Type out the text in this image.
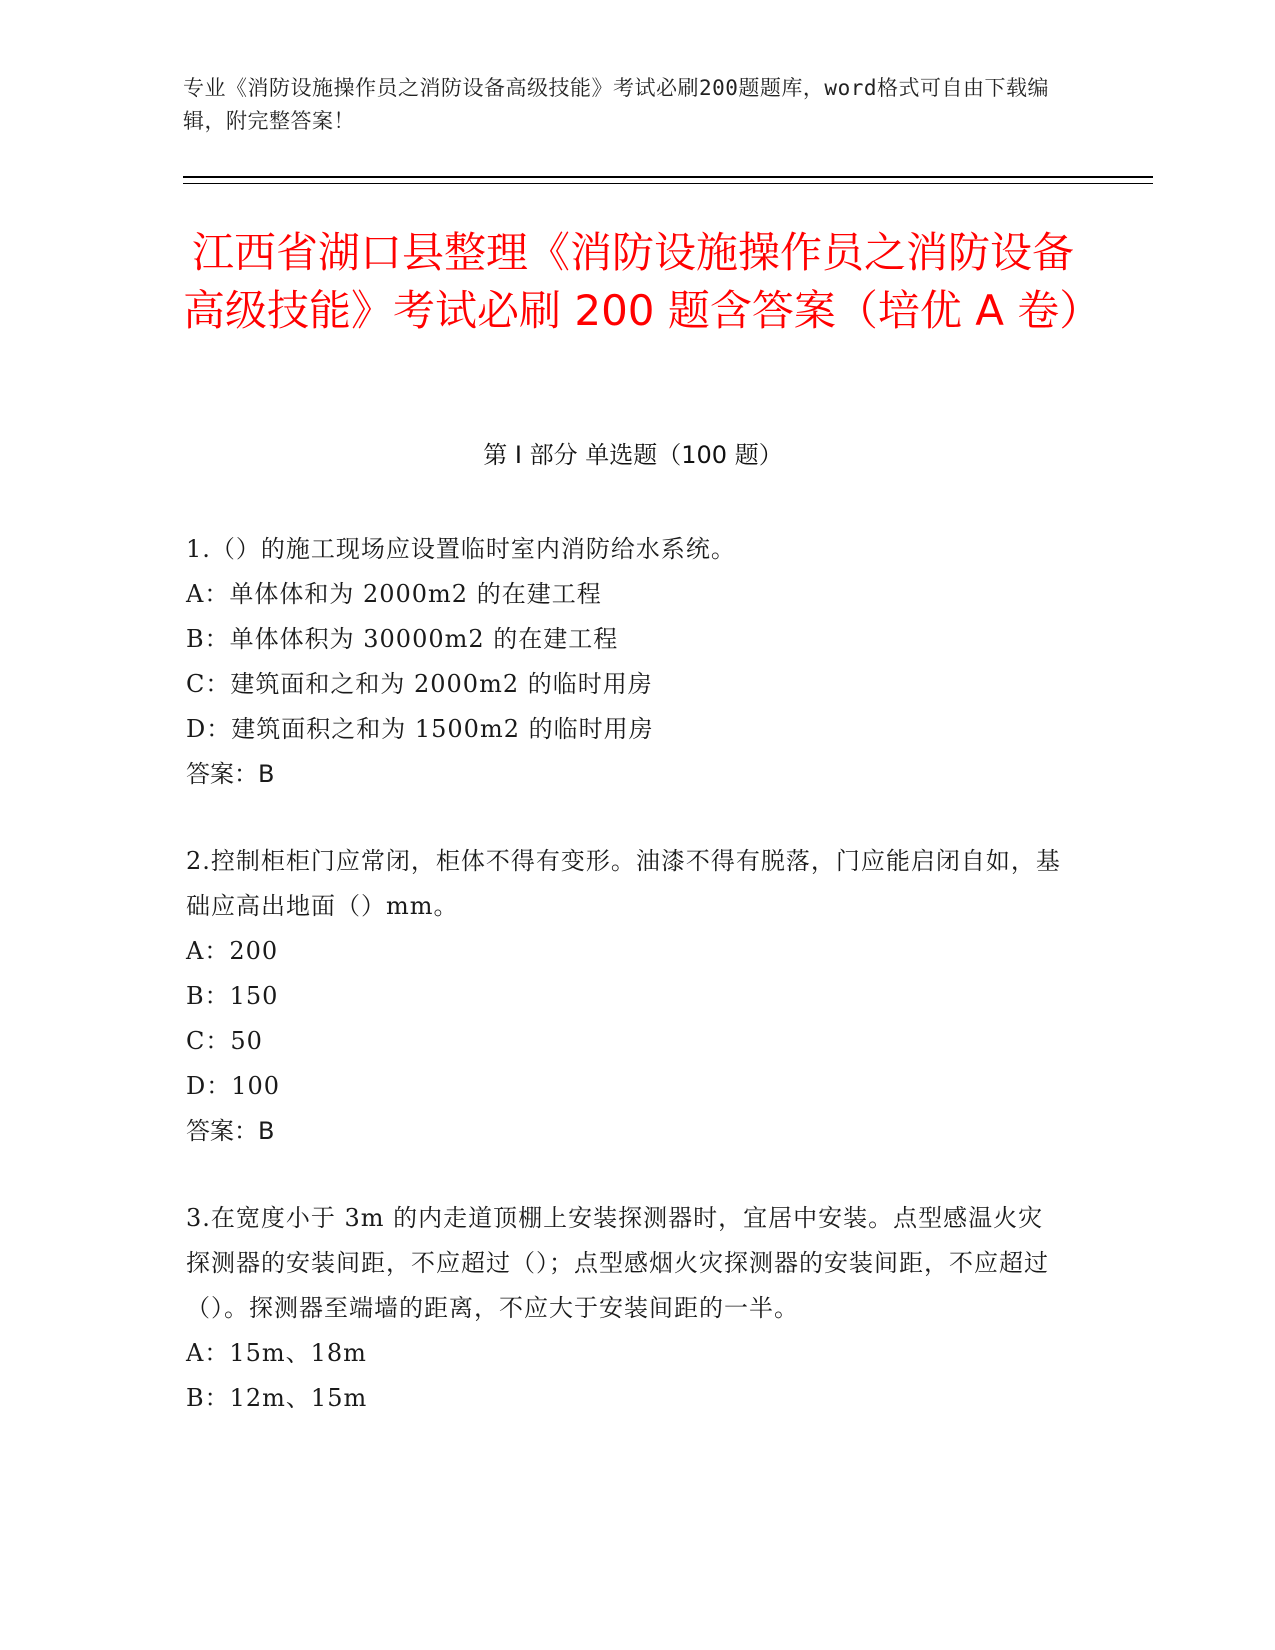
专业《消防设施操作员之消防设备高级技能》考试必刷200题题库，word格式可自由下载编辑，附完整答案！
江西省湖口县整理《消防设施操作员之消防设备高级技能》考试必刷 200 题含答案（培优 A 卷）
第 I 部分 单选题（100 题）

1.（）的施工现场应设置临时室内消防给水系统。

A：单体体和为 2000m2 的在建工程

B：单体体积为 30000m2 的在建工程

C：建筑面和之和为 2000m2 的临时用房

D：建筑面积之和为 1500m2 的临时用房

答案：B

2.控制柜柜门应常闭，柜体不得有变形。油漆不得有脱落，门应能启闭自如，基础应高出地面（）mm。

A：200

B：150

C：50

D：100

答案：B

3.在宽度小于 3m 的内走道顶棚上安装探测器时，宜居中安装。点型感温火灾探测器的安装间距，不应超过（）；点型感烟火灾探测器的安装间距，不应超过（）。探测器至端墙的距离，不应大于安装间距的一半。

A：15m、18m

B：12m、15m
